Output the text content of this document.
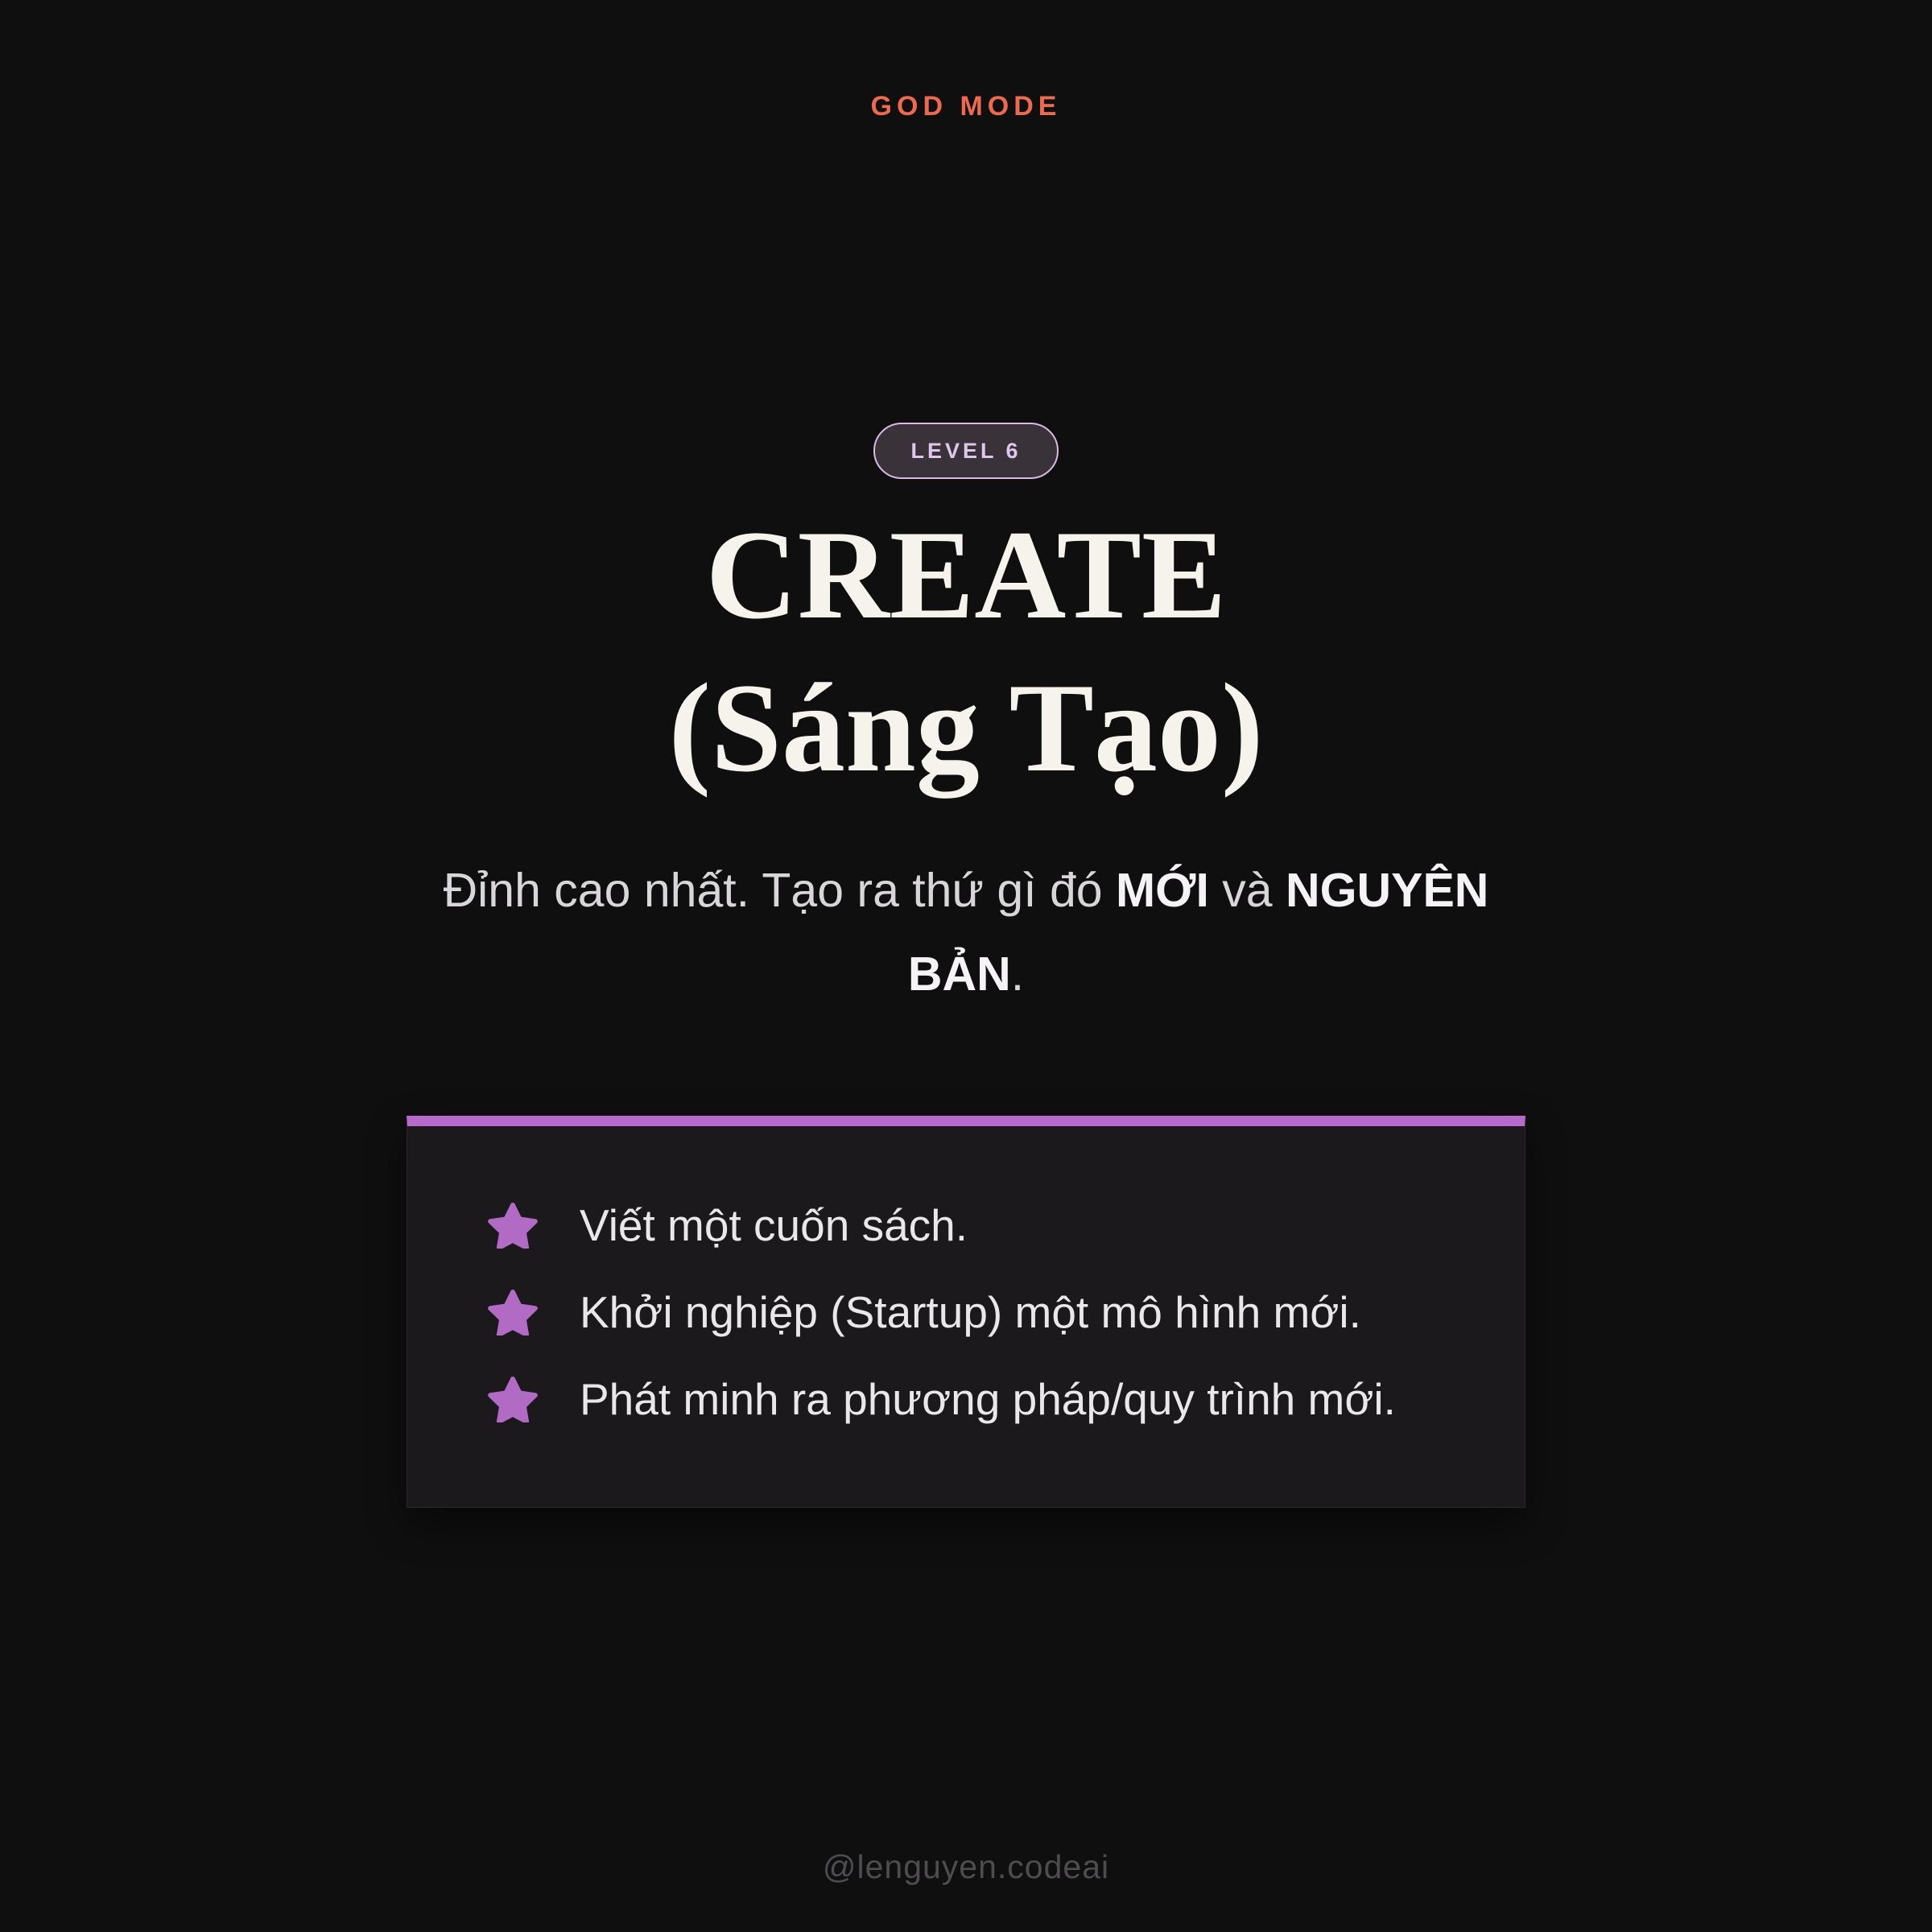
GOD MODE
LEVEL 6
CREATE
(Sáng Tạo)
Đỉnh cao nhất. Tạo ra thứ gì đó MỚI và NGUYÊN
BẢN.
Viết một cuốn sách.
Khởi nghiệp (Startup) một mô hình mới.
Phát minh ra phương pháp/quy trình mới.
@lenguyen.codeai
